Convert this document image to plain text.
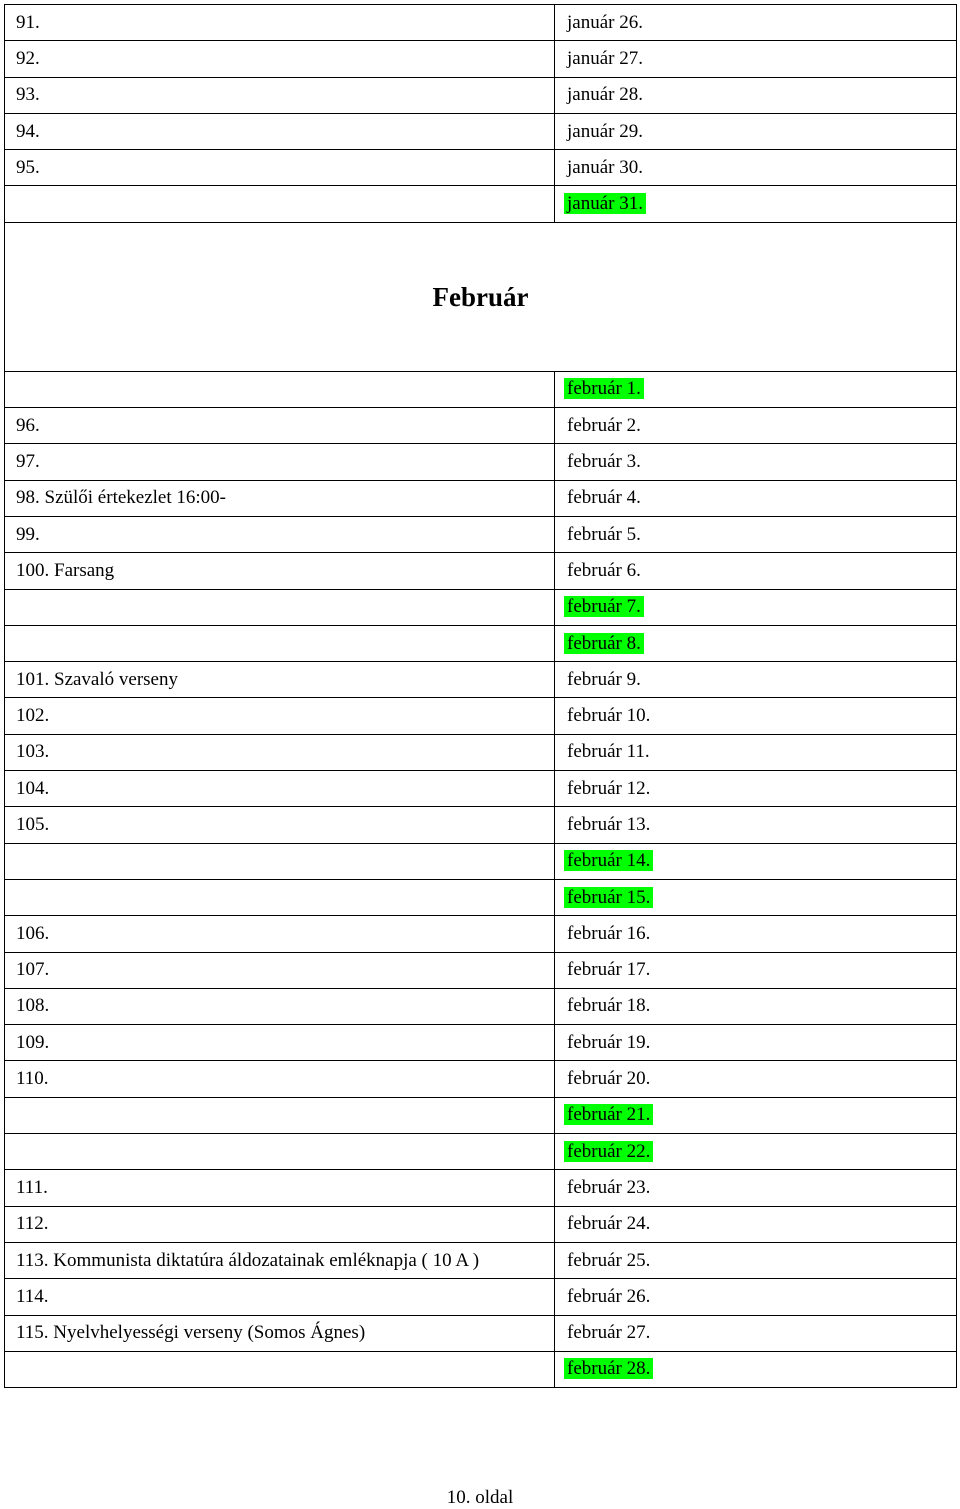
91.	január 26.
92.	január 27.
93.	január 28.
94.	január 29.
95.	január 30.
	január 31.
Február	
	február 1.
96.	február 2.
97.	február 3.
98. Szülői értekezlet 16:00-	február 4.
99.	február 5.
100. Farsang	február 6.
	február 7.
	február 8.
101. Szavaló verseny	február 9.
102.	február 10.
103.	február 11.
104.	február 12.
105.	február 13.
	február 14.
	február 15.
106.	február 16.
107.	február 17.
108.	február 18.
109.	február 19.
110.	február 20.
	február 21.
	február 22.
111.	február 23.
112.	február 24.
113. Kommunista diktatúra áldozatainak emléknapja ( 10 A )	február 25.
114.	február 26.
115. Nyelvhelyességi verseny (Somos Ágnes)	február 27.
	február 28.
10. oldal
